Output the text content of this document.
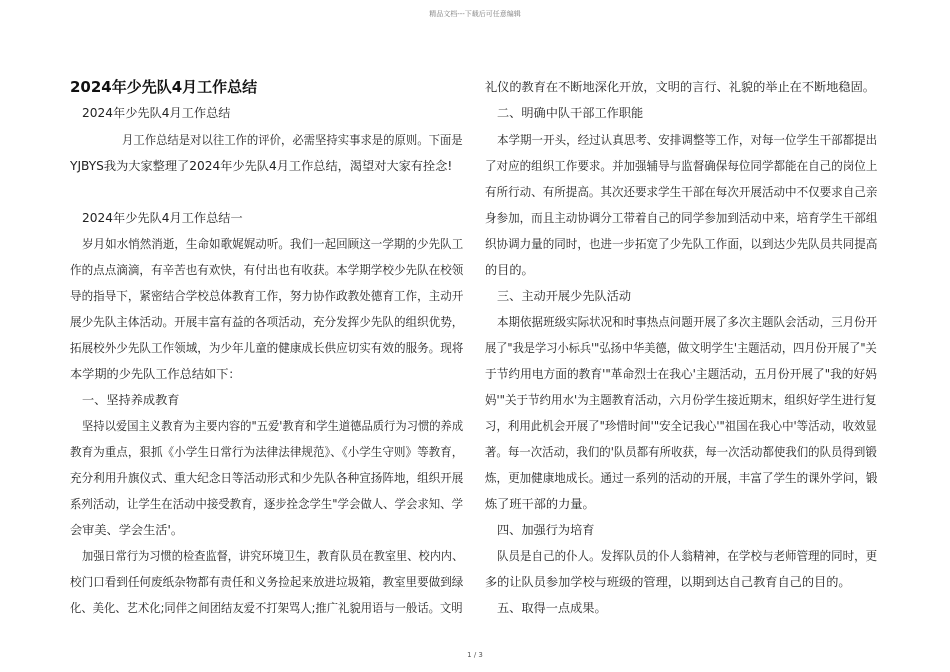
精品文档---下载后可任意编辑
2024年少先队4月工作总结
2024年少先队4月工作总结
月工作总结是对以往工作的评价，必需坚持实事求是的原则。下面是
YJBYS我为大家整理了2024年少先队4月工作总结，渴望对大家有拴念!
2024年少先队4月工作总结一
岁月如水悄然消逝，生命如歌娓娓动听。我们一起回顾这一学期的少先队工
作的点点滴滴，有辛苦也有欢快，有付出也有收获。本学期学校少先队在校领
导的指导下，紧密结合学校总体教育工作，努力协作政教处德育工作，主动开
展少先队主体活动。开展丰富有益的各项活动，充分发挥少先队的组织优势，
拓展校外少先队工作领域，为少年儿童的健康成长供应切实有效的服务。现将
本学期的少先队工作总结如下：
一、坚持养成教育
坚持以爱国主义教育为主要内容的"五爱'教育和学生道德品质行为习惯的养成
教育为重点，狠抓《小学生日常行为法律法律规范》、《小学生守则》等教育，
充分利用升旗仪式、重大纪念日等活动形式和少先队各种宣扬阵地，组织开展
系列活动，让学生在活动中接受教育，逐步拴念学生"学会做人、学会求知、学
会审美、学会生活'。
加强日常行为习惯的检查监督，讲究环境卫生，教育队员在教室里、校内内、
校门口看到任何废纸杂物都有责任和义务捡起来放进垃圾箱，教室里要做到绿
化、美化、艺术化;同伴之间团结友爱不打架骂人;推广礼貌用语与一般话。文明
礼仪的教育在不断地深化开放，文明的言行、礼貌的举止在不断地稳固。
二、明确中队干部工作职能
本学期一开头，经过认真思考、安排调整等工作，对每一位学生干部都提出
了对应的组织工作要求。并加强辅导与监督确保每位同学都能在自己的岗位上
有所行动、有所提高。其次还要求学生干部在每次开展活动中不仅要求自己亲
身参加，而且主动协调分工带着自己的同学参加到活动中来，培育学生干部组
织协调力量的同时，也进一步拓宽了少先队工作面，以到达少先队员共同提高
的目的。
三、主动开展少先队活动
本期依据班级实际状况和时事热点问题开展了多次主题队会活动，三月份开
展了"我是学习小标兵'"弘扬中华美德，做文明学生'主题活动，四月份开展了"关
于节约用电方面的教育'"革命烈士在我心'主题活动，五月份开展了"我的好妈
妈'"关于节约用水'为主题教育活动，六月份学生接近期末，组织好学生进行复
习，利用此机会开展了"珍惜时间'"安全记我心'"祖国在我心中'等活动，收效显
著。每一次活动，我们的'队员都有所收获，每一次活动都使我们的队员得到锻
炼，更加健康地成长。通过一系列的活动的开展，丰富了学生的课外学问，锻
炼了班干部的力量。
四、加强行为培育
队员是自己的仆人。发挥队员的仆人翁精神，在学校与老师管理的同时，更
多的让队员参加学校与班级的管理，以期到达自己教育自己的目的。
五、取得一点成果。
1 / 3
